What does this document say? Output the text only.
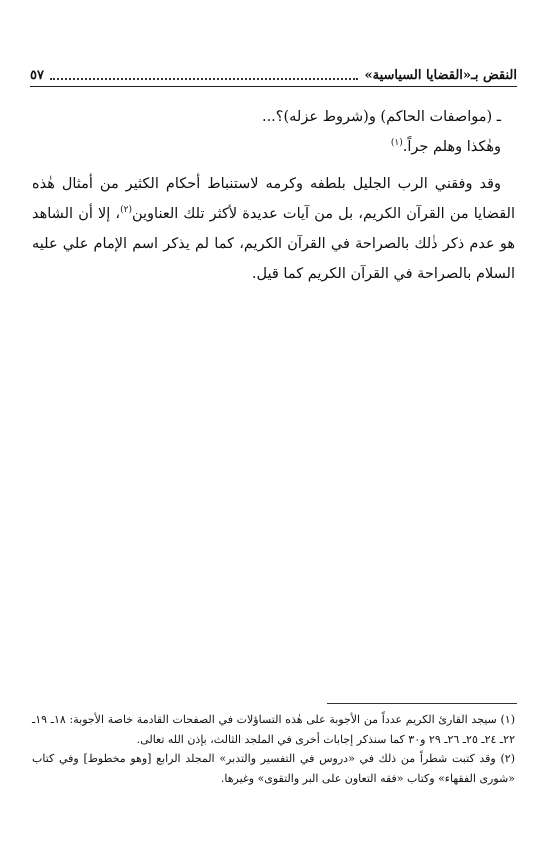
النقض بـ«القضايا السياسية»
٥٧

ـ (مواصفات الحاكم) و(شروط عزله)؟...

وهٰكذا وهلم جراً.$^{(١)}$

وقد وفقني الرب الجليل بلطفه وكرمه لاستنباط أحكام الكثير من أمثال هٰذه القضايا من القرآن الكريم، بل من آيات عديدة لأكثر تلك العناوين$^{(٢)}$، إلا أن الشاهد هو عدم ذكر ذٰلك بالصراحة في القرآن الكريم، كما لم يذكر اسم الإمام علي عليه السلام بالصراحة في القرآن الكريم كما قيل.

(١) سيجد القارئ الكريم عدداً من الأجوبة على هٰذه التساؤلات في الصفحات القادمة خاصة الأجوبة: ١٨ـ ١٩ـ ٢٢ـ ٢٤ـ ٢٥ـ ٢٦ـ ٢٩ و٣٠ كما سنذكر إجابات أخرى في الملجد الثالث، بإذن الله تعالى.

(٢) وقد كتبت شطراً من ذلك في «دروس في التفسير والتدبر» المجلد الرابع [وهو مخطوط] وفي كتاب «شورى الفقهاء» وكتاب «فقه التعاون على البر والتقوى» وغيرها.
